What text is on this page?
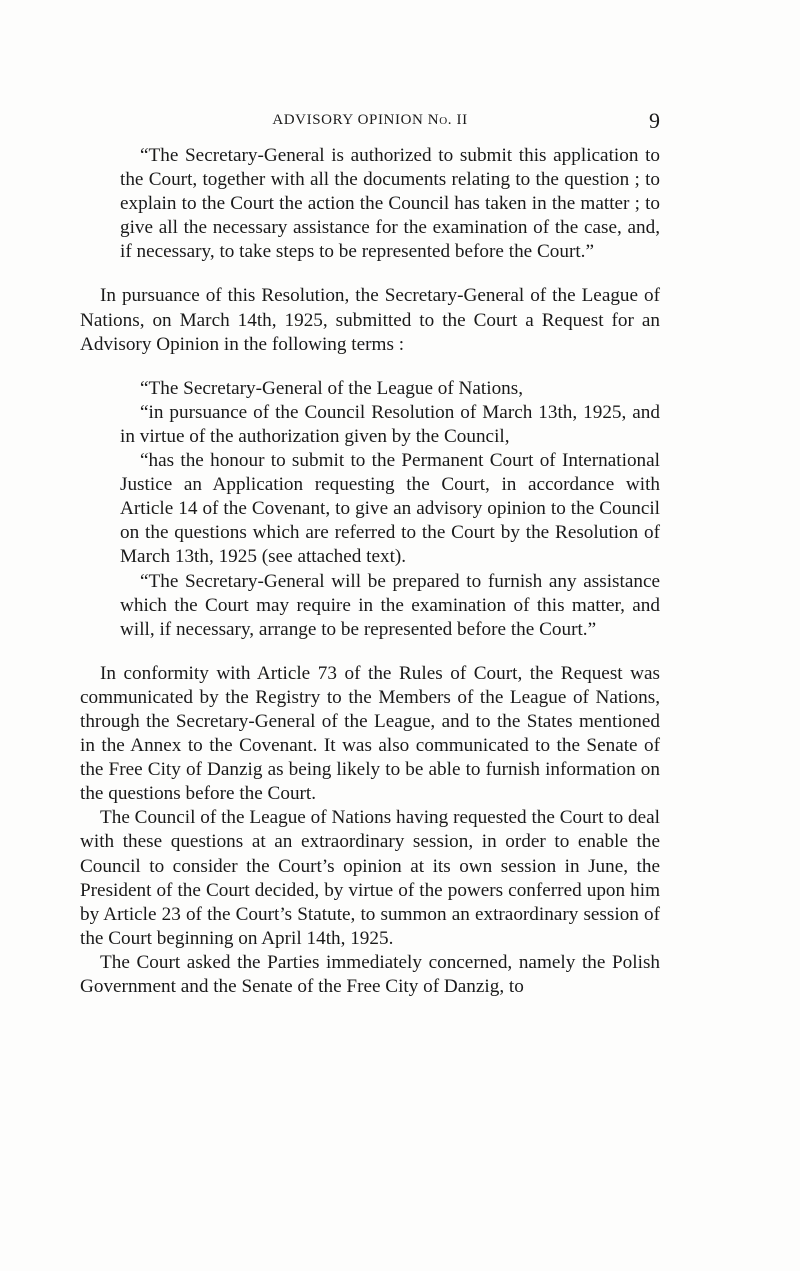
ADVISORY OPINION No. II	9

“The Secretary-General is authorized to submit this application to the Court, together with all the documents relating to the question ; to explain to the Court the action the Council has taken in the matter ; to give all the necessary assistance for the examination of the case, and, if necessary, to take steps to be represented before the Court.”

In pursuance of this Resolution, the Secretary-General of the League of Nations, on March 14th, 1925, submitted to the Court a Request for an Advisory Opinion in the following terms :

“The Secretary-General of the League of Nations,

“in pursuance of the Council Resolution of March 13th, 1925, and in virtue of the authorization given by the Council,

“has the honour to submit to the Permanent Court of International Justice an Application requesting the Court, in accordance with Article 14 of the Covenant, to give an advisory opinion to the Council on the questions which are referred to the Court by the Resolution of March 13th, 1925 (see attached text).

“The Secretary-General will be prepared to furnish any assistance which the Court may require in the examination of this matter, and will, if necessary, arrange to be represented before the Court.”

In conformity with Article 73 of the Rules of Court, the Request was communicated by the Registry to the Members of the League of Nations, through the Secretary-General of the League, and to the States mentioned in the Annex to the Covenant. It was also communicated to the Senate of the Free City of Danzig as being likely to be able to furnish information on the questions before the Court.

The Council of the League of Nations having requested the Court to deal with these questions at an extraordinary session, in order to enable the Council to consider the Court’s opinion at its own session in June, the President of the Court decided, by virtue of the powers conferred upon him by Article 23 of the Court’s Statute, to summon an extraordinary session of the Court beginning on April 14th, 1925.

The Court asked the Parties immediately concerned, namely the Polish Government and the Senate of the Free City of Danzig, to
